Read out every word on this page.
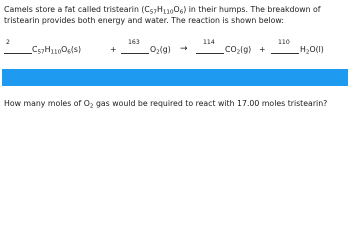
Camels store a fat called tristearin $(C_{57}H_{110}O_6)$ in their humps. The breakdown of tristearin provides both energy and water. The reaction is shown below:

2
$C_{57}H_{110}O_6(s)$	+
163
$O_2(g)$ →
114
$CO_2(g)$ +
110
$H_2O(l)$

How many moles of $O_2$ gas would be required to react with 17.00 moles tristearin?
